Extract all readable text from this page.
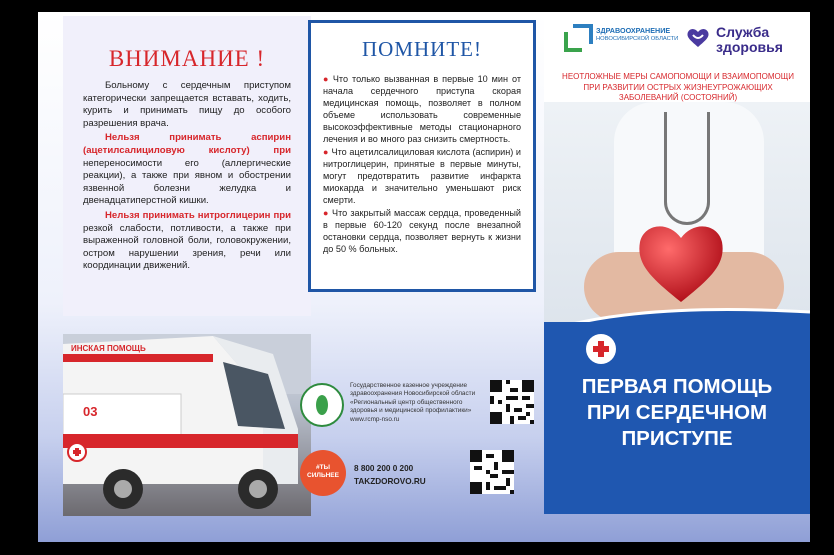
ВНИМАНИЕ !

Больному с сердечным приступом категорически запрещается вставать, ходить, курить и принимать пищу до особого разрешения врача.

Нельзя принимать аспирин (ацетилсалициловую кислоту) при непереносимости его (аллергические реакции), а также при явном и обострении язвенной болезни желудка и двенадцатиперстной кишки.

Нельзя принимать нитроглицерин при резкой слабости, потливости, а также при выраженной головной боли, головокружении, остром нарушении зрения, речи или координации движений.

ИНСКАЯ ПОМОЩЬ
03
ПОМНИТЕ!

● Что только вызванная в первые 10 мин от начала сердечного приступа скорая медицинская помощь, позволяет в полном объеме использовать современные высокоэффективные методы стационарного лечения и во много раз снизить смертность.

● Что ацетилсалициловая кислота (аспирин) и нитроглицерин, принятые в первые минуты, могут предотвратить развитие инфаркта миокарда и значительно уменьшают риск смерти.

● Что закрытый массаж сердца, проведенный в первые 60-120 секунд после внезапной остановки сердца, позволяет вернуть к жизни до 50 % больных.

Государственное казенное учреждение здравоохранения Новосибирской области «Региональный центр общественного здоровья и медицинской профилактики»
www.rcmp-nso.ru
#ТЫ СИЛЬНЕЕ
8 800 200 0 200
TAKZDOROVO.RU
ЗДРАВООХРАНЕНИЕ
НОВОСИБИРСКОЙ ОБЛАСТИ	Служба
здоровья
НЕОТЛОЖНЫЕ МЕРЫ САМОПОМОЩИ И ВЗАИМОПОМОЩИ ПРИ РАЗВИТИИ ОСТРЫХ ЖИЗНЕУГРОЖАЮЩИХ ЗАБОЛЕВАНИЙ (СОСТОЯНИЙ)
ПЕРВАЯ ПОМОЩЬ
ПРИ СЕРДЕЧНОМ
ПРИСТУПЕ
